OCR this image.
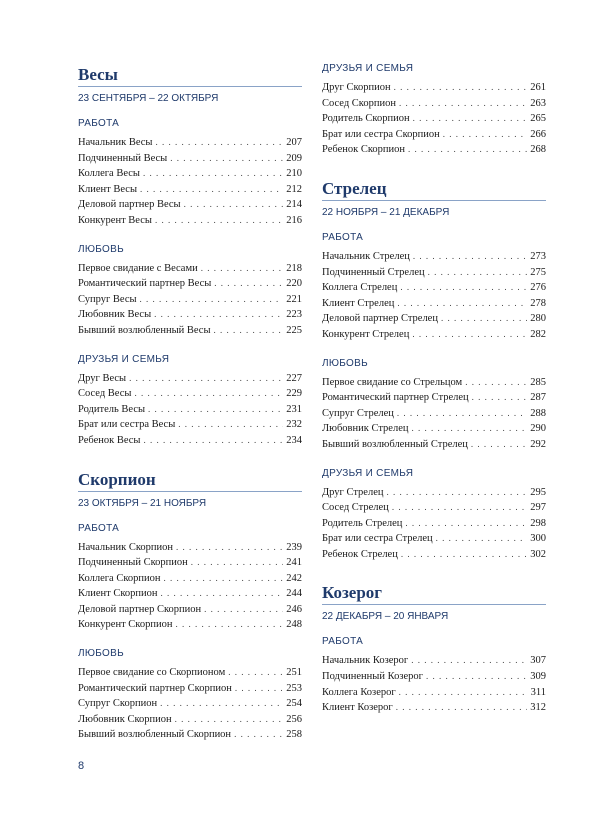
Весы
23 СЕНТЯБРЯ – 22 ОКТЯБРЯ
РАБОТА
Начальник Весы . . .	207
Подчиненный Весы . . .	209
Коллега Весы . . .	210
Клиент Весы . . .	212
Деловой партнер Весы . . .	214
Конкурент Весы . . .	216
ЛЮБОВЬ
Первое свидание с Весами . . .	218
Романтический партнер Весы . . .	220
Супруг Весы . . .	221
Любовник Весы . . .	223
Бывший возлюбленный Весы . . .	225
ДРУЗЬЯ И СЕМЬЯ
Друг Весы . . .	227
Сосед Весы . . .	229
Родитель Весы . . .	231
Брат или сестра Весы . . .	232
Ребенок Весы . . .	234
Скорпион
23 ОКТЯБРЯ – 21 НОЯБРЯ
РАБОТА
Начальник Скорпион . . .	239
Подчиненный Скорпион . . .	241
Коллега Скорпион . . .	242
Клиент Скорпион . . .	244
Деловой партнер Скорпион . . .	246
Конкурент Скорпион . . .	248
ЛЮБОВЬ
Первое свидание со Скорпионом . . .	251
Романтический партнер Скорпион . . .	253
Супруг Скорпион . . .	254
Любовник Скорпион . . .	256
Бывший возлюбленный Скорпион . . .	258
ДРУЗЬЯ И СЕМЬЯ
Друг Скорпион . . .	261
Сосед Скорпион . . .	263
Родитель Скорпион . . .	265
Брат или сестра Скорпион . . .	266
Ребенок Скорпион . . .	268
Стрелец
22 НОЯБРЯ – 21 ДЕКАБРЯ
РАБОТА
Начальник Стрелец . . .	273
Подчиненный Стрелец . . .	275
Коллега Стрелец . . .	276
Клиент Стрелец . . .	278
Деловой партнер Стрелец . . .	280
Конкурент Стрелец . . .	282
ЛЮБОВЬ
Первое свидание со Стрельцом . . .	285
Романтический партнер Стрелец . . .	287
Супруг Стрелец . . .	288
Любовник Стрелец . . .	290
Бывший возлюбленный Стрелец . . .	292
ДРУЗЬЯ И СЕМЬЯ
Друг Стрелец . . .	295
Сосед Стрелец . . .	297
Родитель Стрелец . . .	298
Брат или сестра Стрелец . . .	300
Ребенок Стрелец . . .	302
Козерог
22 ДЕКАБРЯ – 20 ЯНВАРЯ
РАБОТА
Начальник Козерог . . .	307
Подчиненный Козерог . . .	309
Коллега Козерог . . .	311
Клиент Козерог . . .	312
8
